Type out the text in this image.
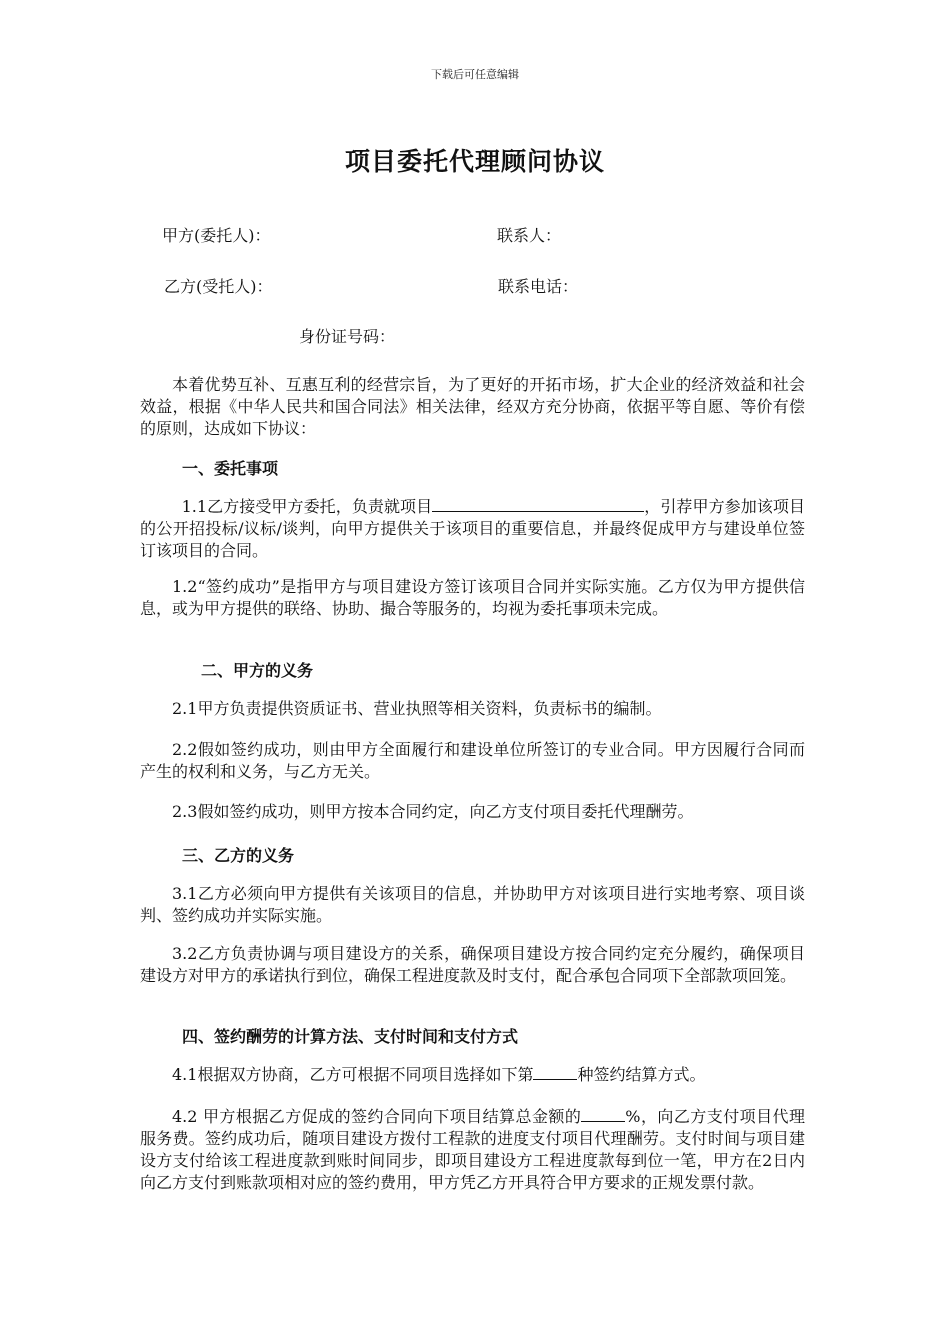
下载后可任意编辑
项目委托代理顾问协议
甲方(委托人)：	联系人：
乙方(受托人)：	联系电话：
身份证号码：
本着优势互补、互惠互利的经营宗旨，为了更好的开拓市场，扩大企业的经济效益和社会效益，根据《中华人民共和国合同法》相关法律，经双方充分协商，依据平等自愿、等价有偿的原则，达成如下协议：
一、委托事项
1.1乙方接受甲方委托，负责就项目	，引荐甲方参加该项目的公开招投标/议标/谈判，向甲方提供关于该项目的重要信息，并最终促成甲方与建设单位签订该项目的合同。
1.2“签约成功”是指甲方与项目建设方签订该项目合同并实际实施。乙方仅为甲方提供信息，或为甲方提供的联络、协助、撮合等服务的，均视为委托事项未完成。
二、甲方的义务
2.1甲方负责提供资质证书、营业执照等相关资料，负责标书的编制。
2.2假如签约成功，则由甲方全面履行和建设单位所签订的专业合同。甲方因履行合同而产生的权利和义务，与乙方无关。
2.3假如签约成功，则甲方按本合同约定，向乙方支付项目委托代理酬劳。
三、乙方的义务
3.1乙方必须向甲方提供有关该项目的信息，并协助甲方对该项目进行实地考察、项目谈判、签约成功并实际实施。
3.2乙方负责协调与项目建设方的关系，确保项目建设方按合同约定充分履约，确保项目建设方对甲方的承诺执行到位，确保工程进度款及时支付，配合承包合同项下全部款项回笼。
四、签约酬劳的计算方法、支付时间和支付方式
4.1根据双方协商，乙方可根据不同项目选择如下第	种签约结算方式。
4.2 甲方根据乙方促成的签约合同向下项目结算总金额的	%，向乙方支付项目代理服务费。签约成功后，随项目建设方拨付工程款的进度支付项目代理酬劳。支付时间与项目建设方支付给该工程进度款到账时间同步，即项目建设方工程进度款每到位一笔，甲方在2日内向乙方支付到账款项相对应的签约费用，甲方凭乙方开具符合甲方要求的正规发票付款。
